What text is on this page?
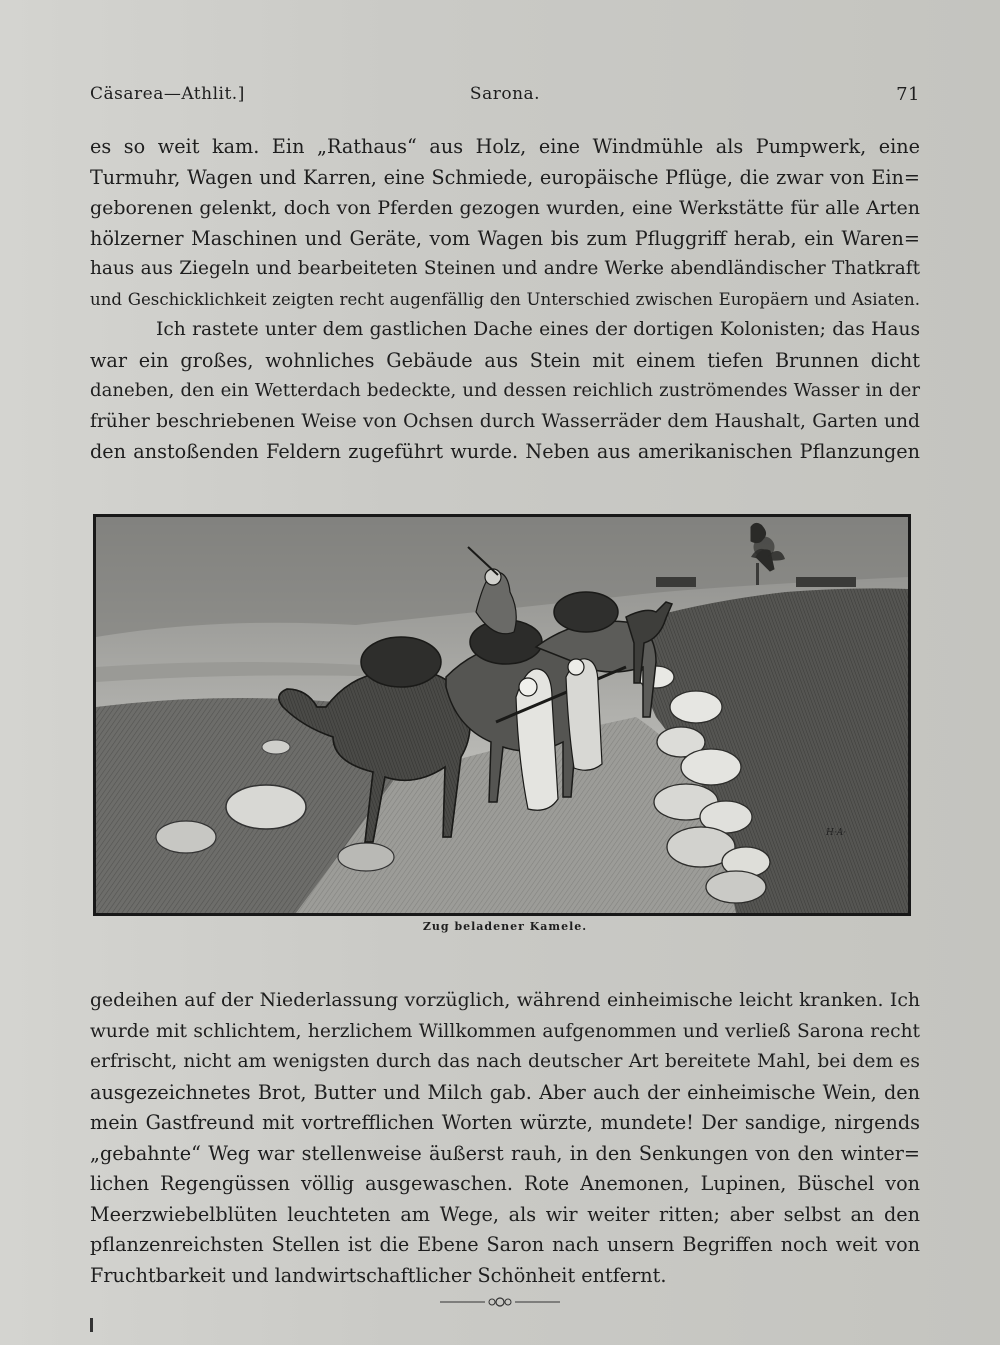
Cäsarea—Athlit.]	Sarona.	71
es so weit kam. Ein „Rathaus“ aus Holz, eine Windmühle als Pumpwerk, eine
Turmuhr, Wagen und Karren, eine Schmiede, europäische Pflüge, die zwar von Ein=
geborenen gelenkt, doch von Pferden gezogen wurden, eine Werkstätte für alle Arten
hölzerner Maschinen und Geräte, vom Wagen bis zum Pfluggriff herab, ein Waren=
haus aus Ziegeln und bearbeiteten Steinen und andre Werke abendländischer Thatkraft
und Geschicklichkeit zeigten recht augenfällig den Unterschied zwischen Europäern und Asiaten.
Ich rastete unter dem gastlichen Dache eines der dortigen Kolonisten; das Haus
war ein großes, wohnliches Gebäude aus Stein mit einem tiefen Brunnen dicht
daneben, den ein Wetterdach bedeckte, und dessen reichlich zuströmendes Wasser in der
früher beschriebenen Weise von Ochsen durch Wasserräder dem Haushalt, Garten und
den anstoßenden Feldern zugeführt wurde. Neben aus amerikanischen Pflanzungen
H·A·
Zug beladener Kamele.
gedeihen auf der Niederlassung vorzüglich, während einheimische leicht kranken. Ich
wurde mit schlichtem, herzlichem Willkommen aufgenommen und verließ Sarona recht
erfrischt, nicht am wenigsten durch das nach deutscher Art bereitete Mahl, bei dem es
ausgezeichnetes Brot, Butter und Milch gab. Aber auch der einheimische Wein, den
mein Gastfreund mit vortrefflichen Worten würzte, mundete! Der sandige, nirgends
„gebahnte“ Weg war stellenweise äußerst rauh, in den Senkungen von den winter=
lichen Regengüssen völlig ausgewaschen. Rote Anemonen, Lupinen, Büschel von
Meerzwiebelblüten leuchteten am Wege, als wir weiter ritten; aber selbst an den
pflanzenreichsten Stellen ist die Ebene Saron nach unsern Begriffen noch weit von
Fruchtbarkeit und landwirtschaftlicher Schönheit entfernt.
